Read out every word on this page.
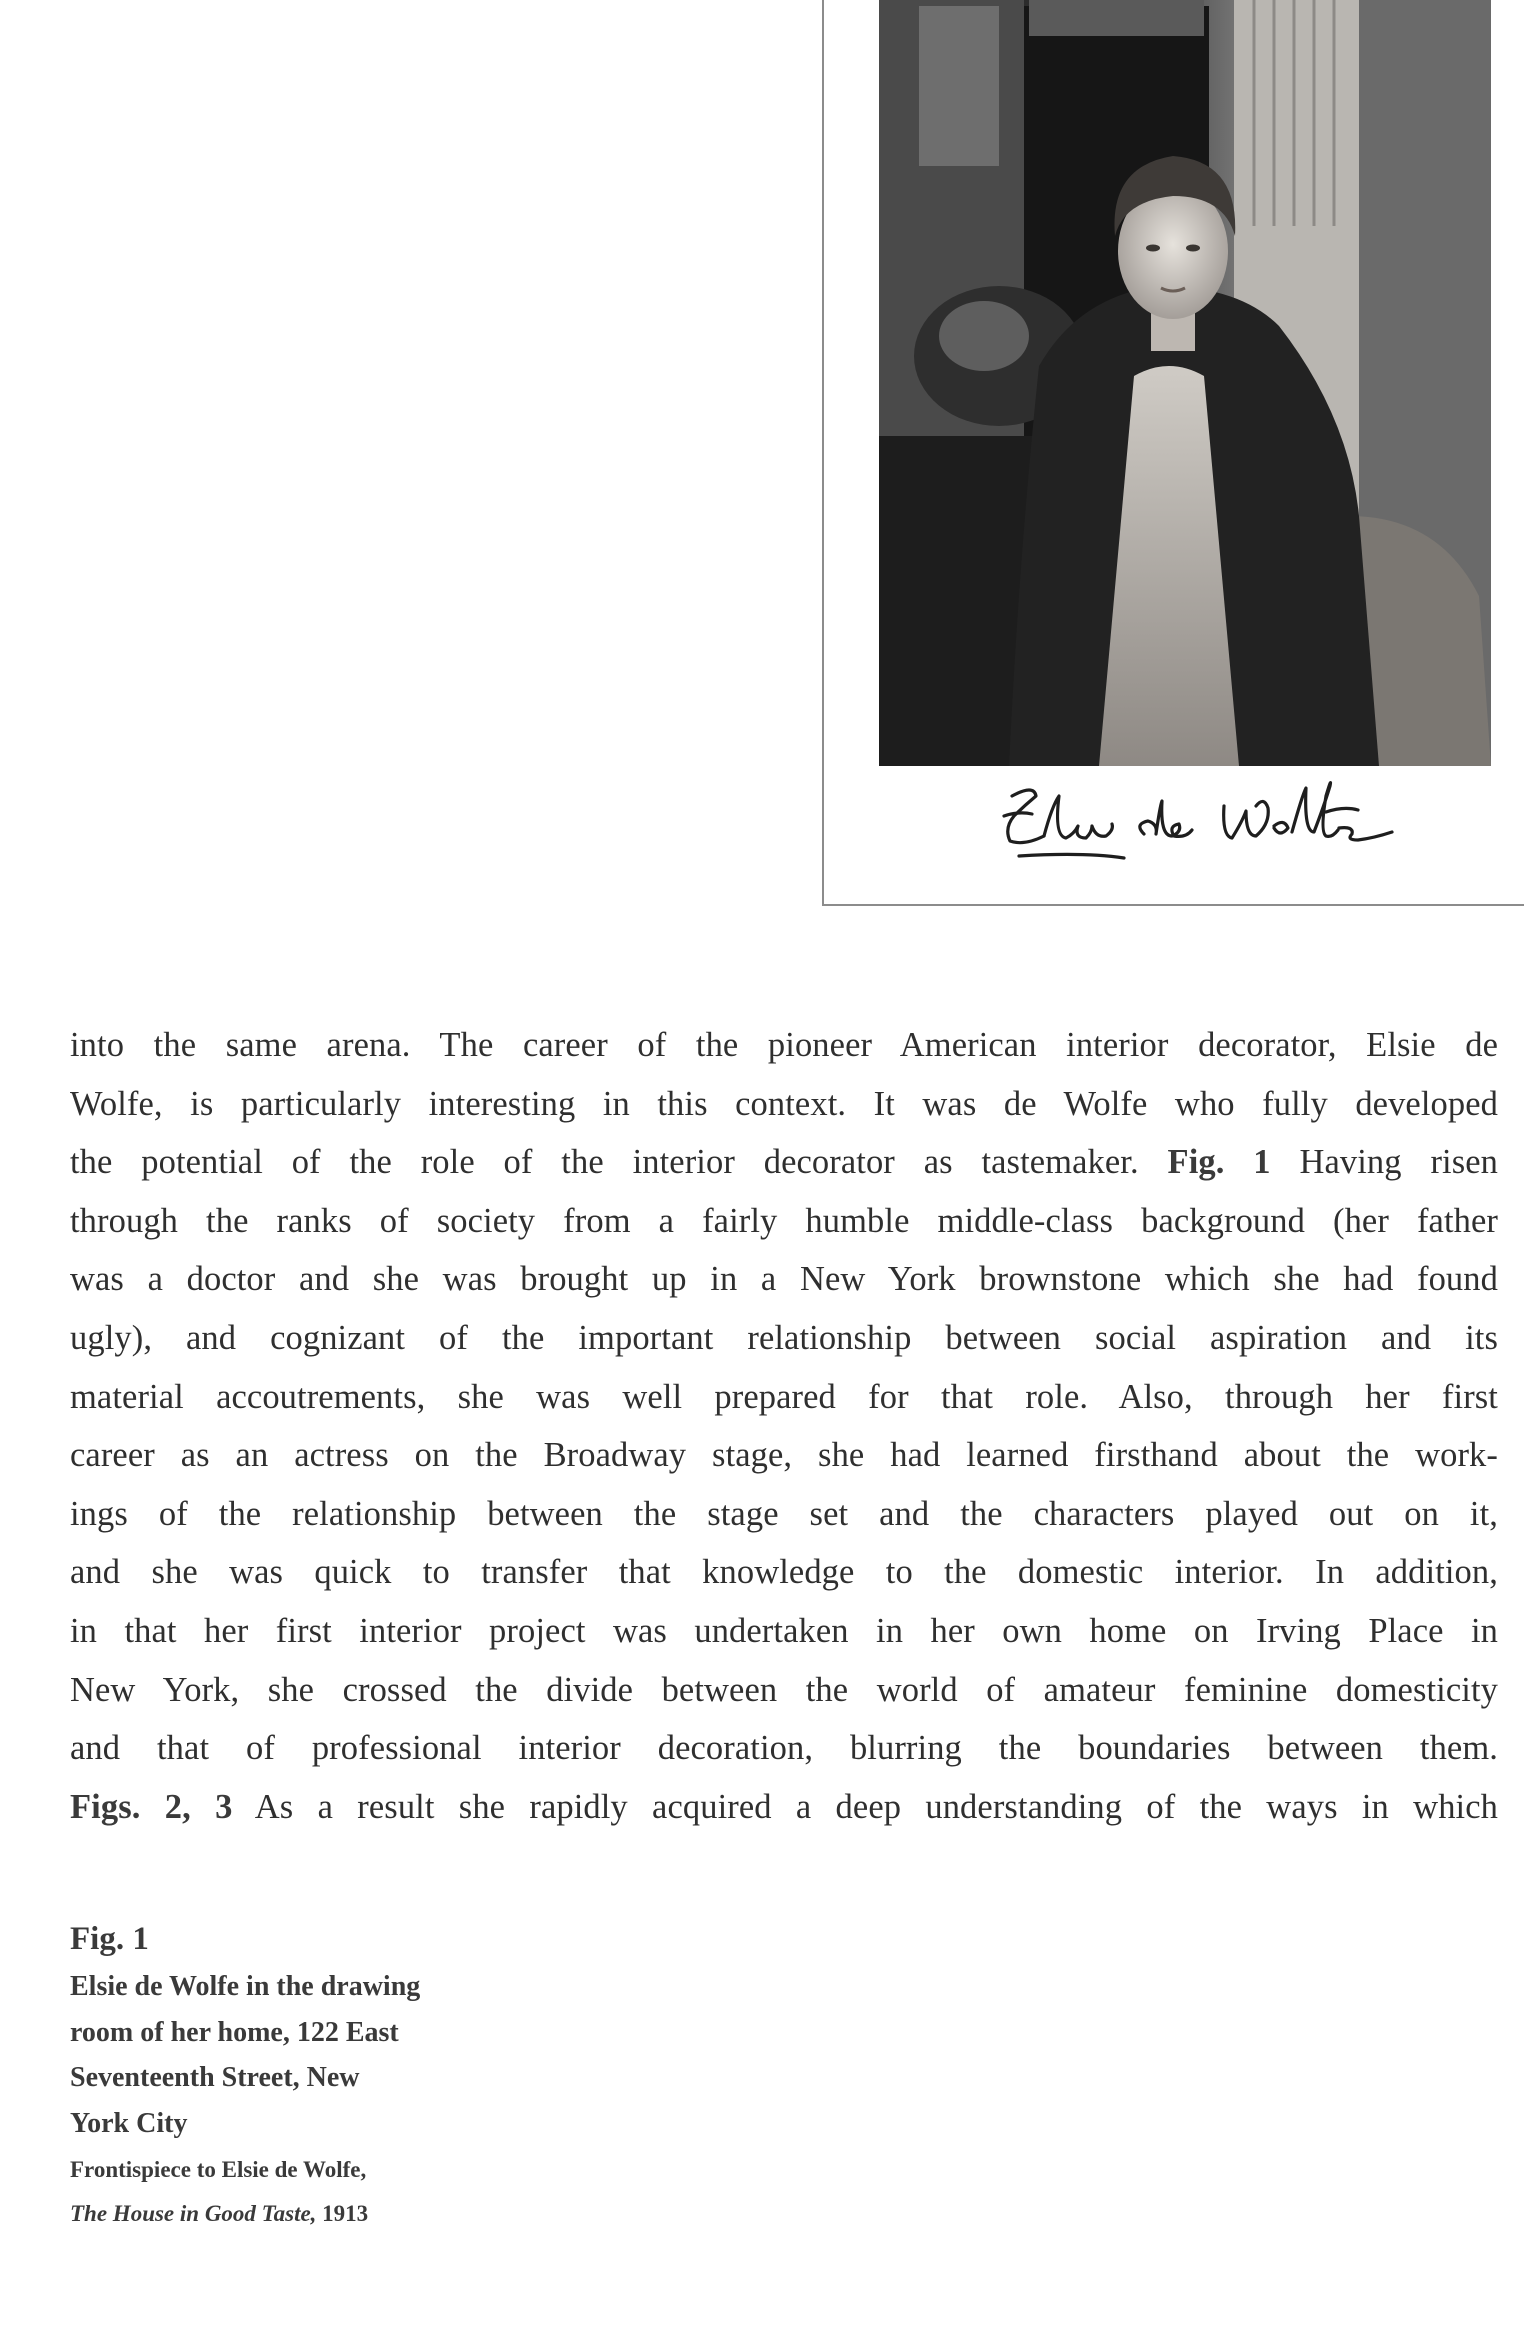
into the same arena. The career of the pioneer American interior decorator, Elsie de
Wolfe, is particularly interesting in this context. It was de Wolfe who fully developed
the potential of the role of the interior decorator as tastemaker. Fig. 1 Having risen
through the ranks of society from a fairly humble middle-class background (her father
was a doctor and she was brought up in a New York brownstone which she had found
ugly), and cognizant of the important relationship between social aspiration and its
material accoutrements, she was well prepared for that role. Also, through her first
career as an actress on the Broadway stage, she had learned firsthand about the work-
ings of the relationship between the stage set and the characters played out on it,
and she was quick to transfer that knowledge to the domestic interior. In addition,
in that her first interior project was undertaken in her own home on Irving Place in
New York, she crossed the divide between the world of amateur feminine domesticity
and that of professional interior decoration, blurring the boundaries between them.
Figs. 2, 3 As a result she rapidly acquired a deep understanding of the ways in which
Fig. 1
Elsie de Wolfe in the drawing
room of her home, 122 East
Seventeenth Street, New
York City
Frontispiece to Elsie de Wolfe,
The House in Good Taste, 1913
